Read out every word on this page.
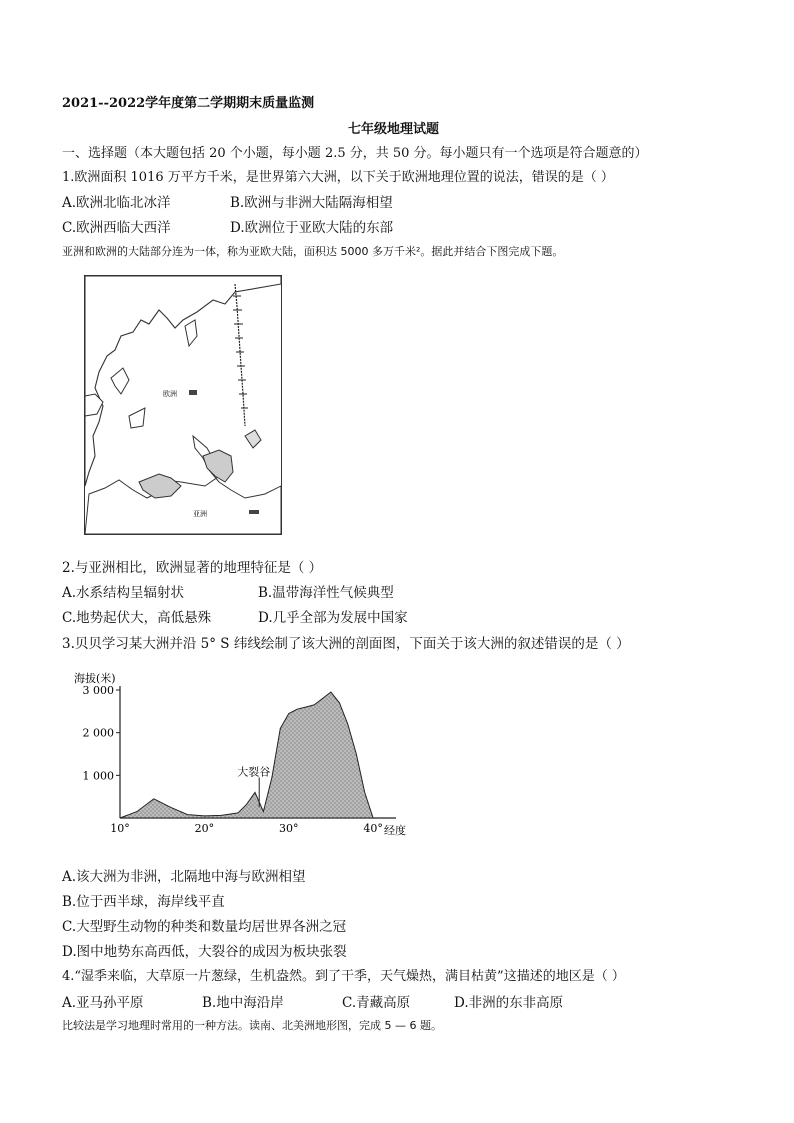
2021--2022学年度第二学期期末质量监测
七年级地理试题
一、选择题（本大题包括 20 个小题，每小题 2.5 分，共 50 分。每小题只有一个选项是符合题意的）
1.欧洲面积 1016 万平方千米，是世界第六大洲，以下关于欧洲地理位置的说法，错误的是（ ）
A.欧洲北临北冰洋	B.欧洲与非洲大陆隔海相望
C.欧洲西临大西洋	D.欧洲位于亚欧大陆的东部
亚洲和欧洲的大陆部分连为一体，称为亚欧大陆，面积达 5000 多万千米²。据此并结合下图完成下题。
欧洲
亚洲
2.与亚洲相比，欧洲显著的地理特征是（ ）
A.水系结构呈辐射状	B.温带海洋性气候典型
C.地势起伏大，高低悬殊	D.几乎全部为发展中国家
3.贝贝学习某大洲并沿 5° S 纬线绘制了该大洲的剖面图，下面关于该大洲的叙述错误的是（ ）
海拔(米)
经度
1 000
2 000
3 000
10°	20°	30°	40°
大裂谷
A.该大洲为非洲，北隔地中海与欧洲相望
B.位于西半球，海岸线平直
C.大型野生动物的种类和数量均居世界各洲之冠
D.图中地势东高西低，大裂谷的成因为板块张裂
4.“湿季来临，大草原一片葱绿，生机盎然。到了干季，天气燥热，满目枯黄”这描述的地区是（ ）
A.亚马孙平原	B.地中海沿岸	C.青藏高原	D.非洲的东非高原
比较法是学习地理时常用的一种方法。读南、北美洲地形图，完成 5 — 6 题。
